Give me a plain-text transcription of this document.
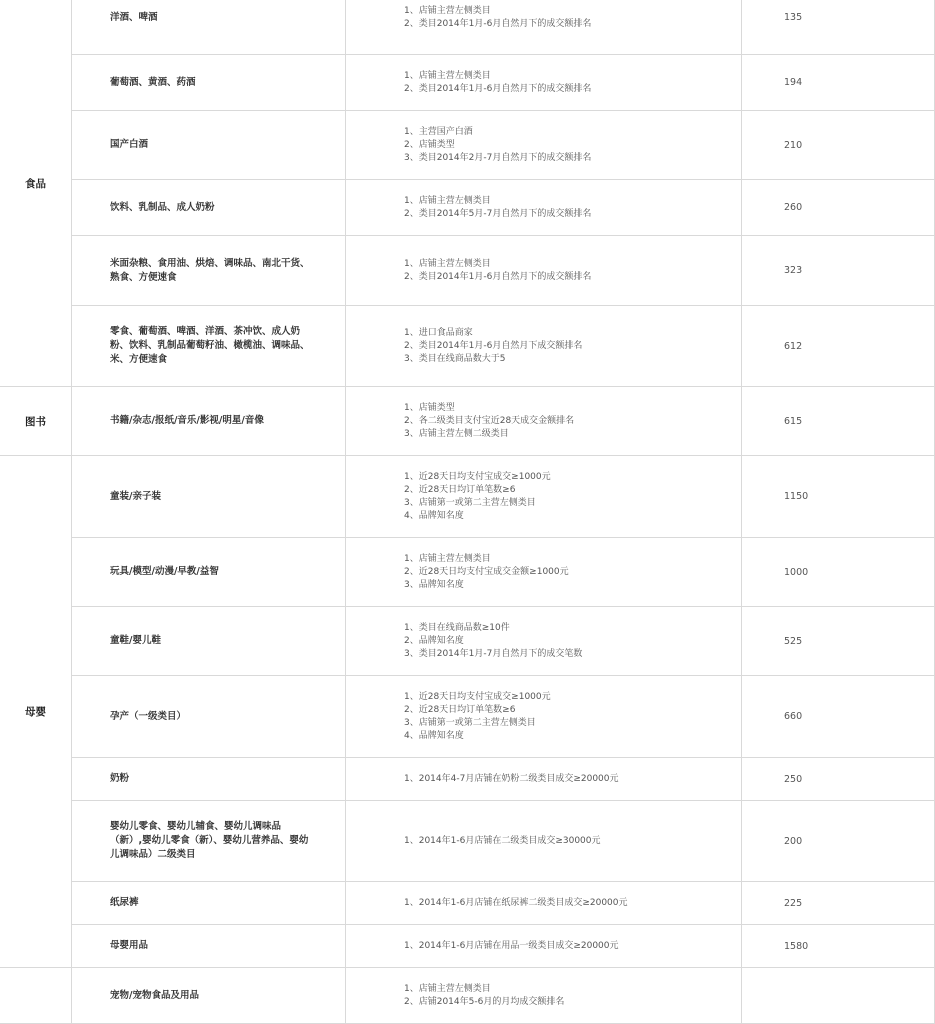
食品	洋酒、啤酒	1、店铺主营左侧类目
2、类目2014年1月-6月自然月下的成交额排名	135
	葡萄酒、黄酒、药酒	1、店铺主营左侧类目
2、类目2014年1月-6月自然月下的成交额排名	194
	国产白酒	1、主营国产白酒
2、店铺类型
3、类目2014年2月-7月自然月下的成交额排名	210
	饮料、乳制品、成人奶粉	1、店铺主营左侧类目
2、类目2014年5月-7月自然月下的成交额排名	260
	米面杂粮、食用油、烘焙、调味品、南北干货、熟食、方便速食	1、店铺主营左侧类目
2、类目2014年1月-6月自然月下的成交额排名	323
	零食、葡萄酒、啤酒、洋酒、茶冲饮、成人奶粉、饮料、乳制品葡萄籽油、橄榄油、调味品、米、方便速食	1、进口食品商家
2、类目2014年1月-6月自然月下成交额排名
3、类目在线商品数大于5	612
图书	书籍/杂志/报纸/音乐/影视/明星/音像	1、店铺类型
2、各二级类目支付宝近28天成交金额排名
3、店铺主营左侧二级类目	615
母婴	童装/亲子装	1、近28天日均支付宝成交≥1000元
2、近28天日均订单笔数≥6
3、店铺第一或第二主营左侧类目
4、品牌知名度	1150
	玩具/模型/动漫/早教/益智	1、店铺主营左侧类目
2、近28天日均支付宝成交金额≥1000元
3、品牌知名度	1000
	童鞋/婴儿鞋	1、类目在线商品数≥10件
2、品牌知名度
3、类目2014年1月-7月自然月下的成交笔数	525
	孕产（一级类目）	1、近28天日均支付宝成交≥1000元
2、近28天日均订单笔数≥6
3、店铺第一或第二主营左侧类目
4、品牌知名度	660
	奶粉	1、2014年4-7月店铺在奶粉二级类目成交≥20000元	250
	婴幼儿零食、婴幼儿辅食、婴幼儿调味品（新）,婴幼儿零食（新）、婴幼儿营养品、婴幼儿调味品）二级类目	1、2014年1-6月店铺在二级类目成交≥30000元	200
	纸尿裤	1、2014年1-6月店铺在纸尿裤二级类目成交≥20000元	225
	母婴用品	1、2014年1-6月店铺在用品一级类目成交≥20000元	1580
	宠物/宠物食品及用品	1、店铺主营左侧类目
2、店铺2014年5-6月的月均成交额排名	
